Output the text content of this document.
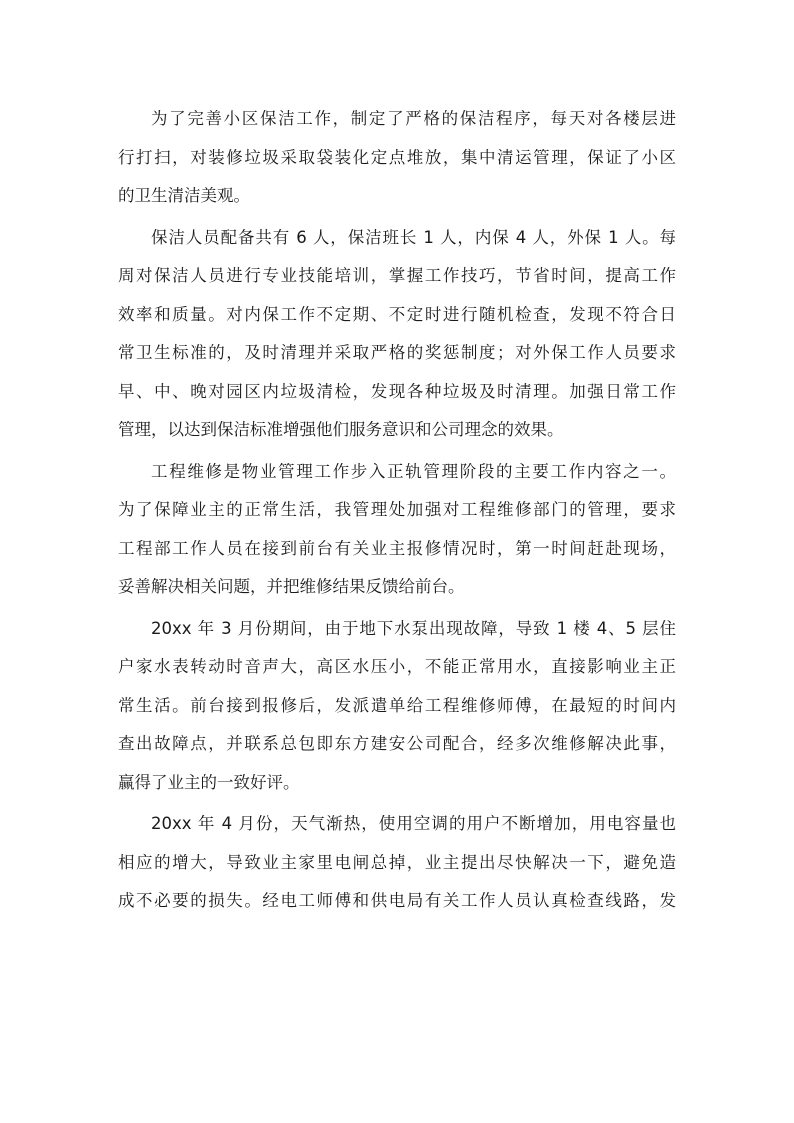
为了完善小区保洁工作，制定了严格的保洁程序，每天对各楼层进
行打扫，对装修垃圾采取袋装化定点堆放，集中清运管理，保证了小区
的卫生清洁美观。
保洁人员配备共有 6 人，保洁班长 1 人，内保 4 人，外保 1 人。每
周对保洁人员进行专业技能培训，掌握工作技巧，节省时间，提高工作
效率和质量。对内保工作不定期、不定时进行随机检查，发现不符合日
常卫生标准的，及时清理并采取严格的奖惩制度；对外保工作人员要求
早、中、晚对园区内垃圾清检，发现各种垃圾及时清理。加强日常工作
管理，以达到保洁标准增强他们服务意识和公司理念的效果。
工程维修是物业管理工作步入正轨管理阶段的主要工作内容之一。
为了保障业主的正常生活，我管理处加强对工程维修部门的管理，要求
工程部工作人员在接到前台有关业主报修情况时，第一时间赶赴现场，
妥善解决相关问题，并把维修结果反馈给前台。
20xx 年 3 月份期间，由于地下水泵出现故障，导致 1 楼 4、5 层住
户家水表转动时音声大，高区水压小，不能正常用水，直接影响业主正
常生活。前台接到报修后，发派遣单给工程维修师傅，在最短的时间内
查出故障点，并联系总包即东方建安公司配合，经多次维修解决此事，
赢得了业主的一致好评。
20xx 年 4 月份，天气渐热，使用空调的用户不断增加，用电容量也
相应的增大，导致业主家里电闸总掉，业主提出尽快解决一下，避免造
成不必要的损失。经电工师傅和供电局有关工作人员认真检查线路，发
